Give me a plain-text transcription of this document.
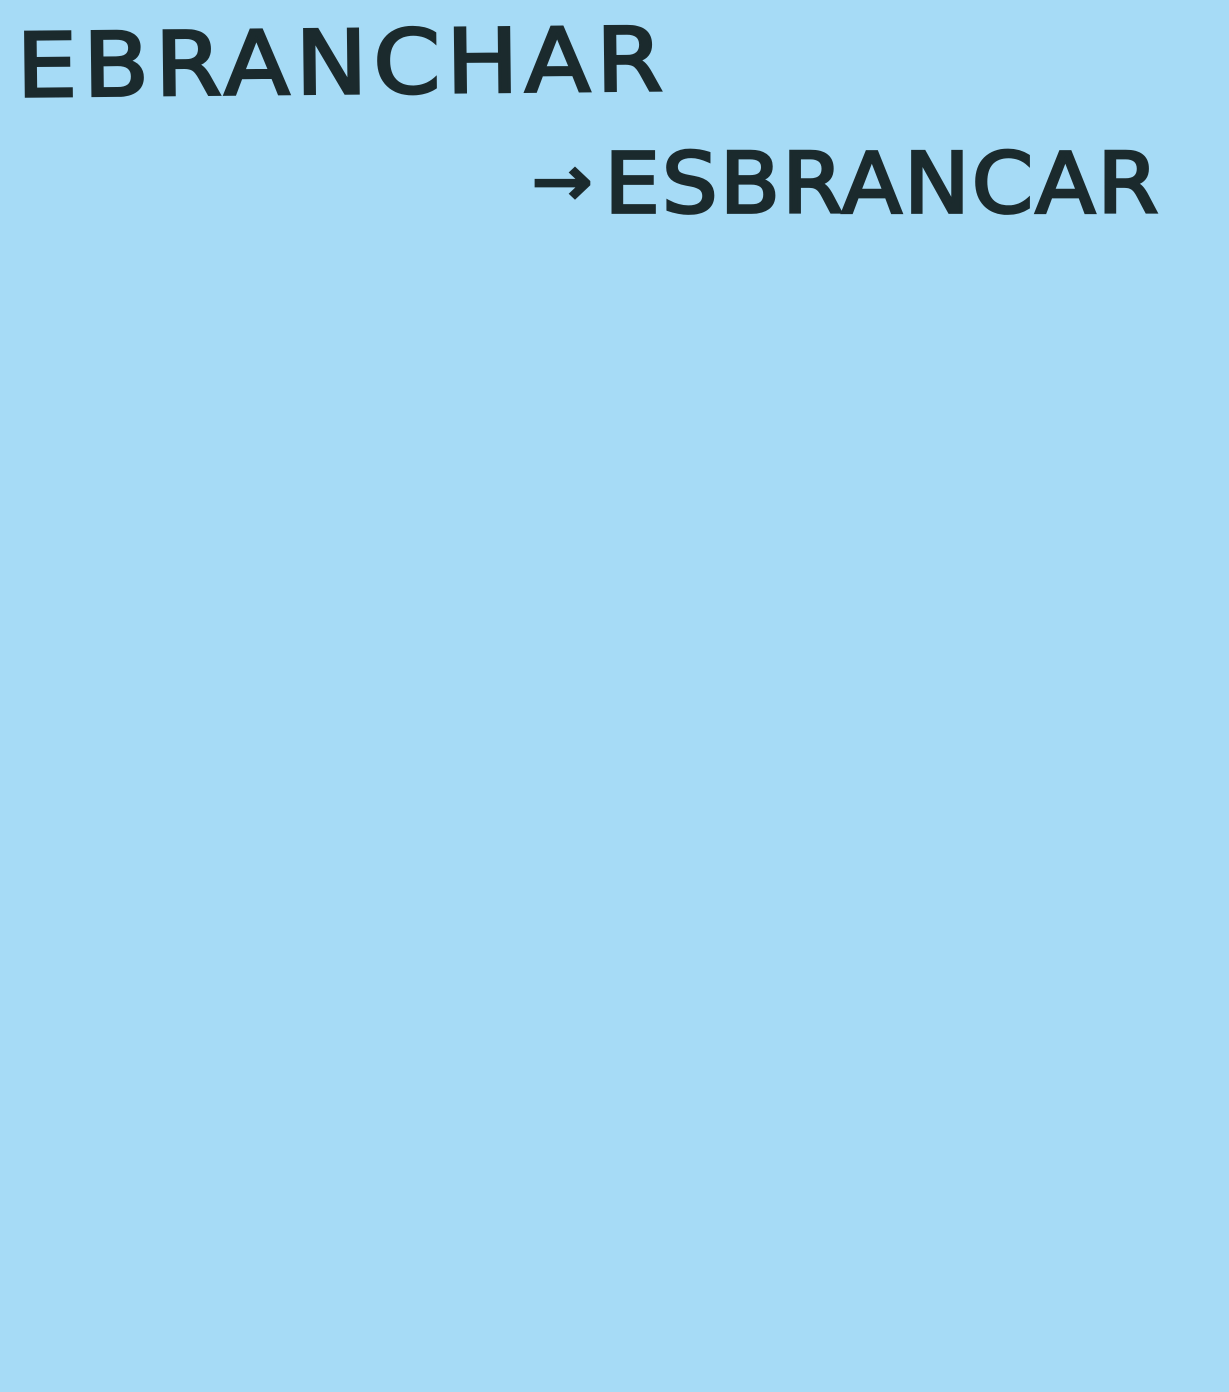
EBRANCHAR
→ ESBRANCAR
